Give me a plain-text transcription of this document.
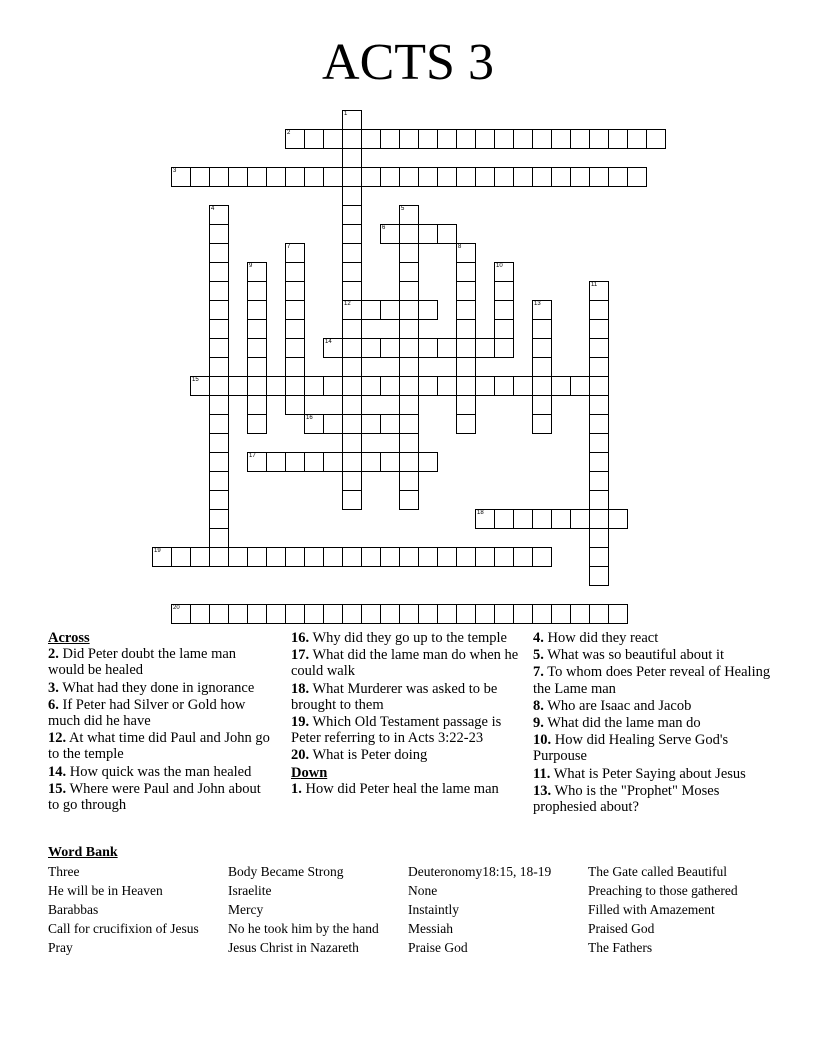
ACTS 3
1
12
2
3
4	5
6
7	8
9	10
11
13
14
15
16
17
18
19
20
Across
2. Did Peter doubt the lame man would be healed
3. What had they done in ignorance
6. If Peter had Silver or Gold how much did he have
12. At what time did Paul and John go to the temple
14. How quick was the man healed
15. Where were Paul and John about to go through
16. Why did they go up to the temple
17. What did the lame man do when he could walk
18. What Murderer was asked to be brought to them
19. Which Old Testament passage is Peter referring to in Acts 3:22-23
20. What is Peter doing
Down
1. How did Peter heal the lame man
4. How did they react
5. What was so beautiful about it
7. To whom does Peter reveal of Healing the Lame man
8. Who are Isaac and Jacob
9. What did the lame man do
10. How did Healing Serve God's Purpouse
11. What is Peter Saying about Jesus
13. Who is the "Prophet" Moses prophesied about?
Word Bank
Three
He will be in Heaven
Barabbas
Call for crucifixion of Jesus
Pray
Body Became Strong
Israelite
Mercy
No he took him by the hand
Jesus Christ in Nazareth
Deuteronomy18:15, 18-19
None
Instaintly
Messiah
Praise God
The Gate called Beautiful
Preaching to those gathered
Filled with Amazement
Praised God
The Fathers
